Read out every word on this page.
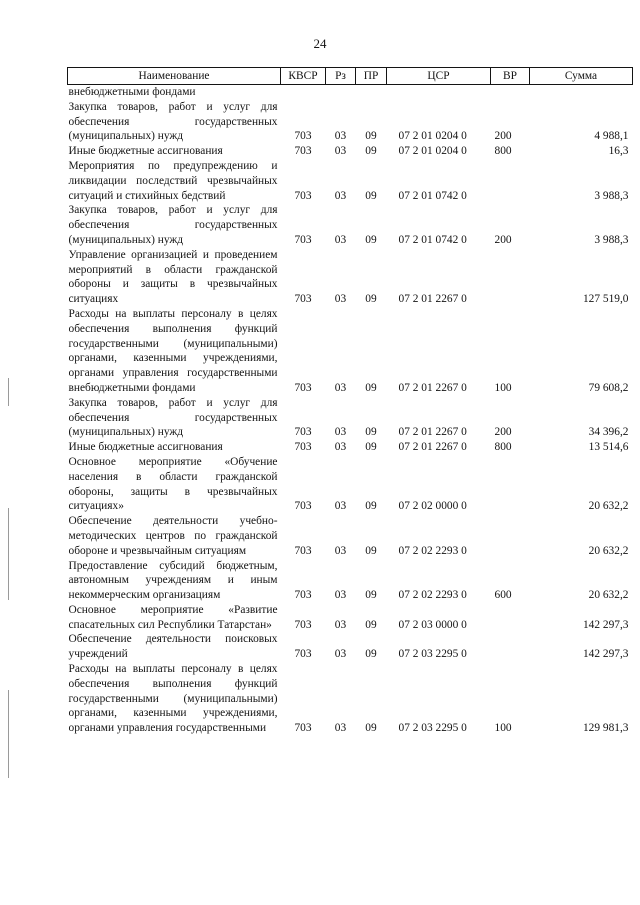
24
Наименование	КВСР	Рз	ПР	ЦСР	ВР	Сумма
внебюджетными фондами						
Закупка товаров, работ и услуг для обеспечения государственных (муниципальных) нужд	703	03	09	07 2 01 0204 0	200	4 988,1
Иные бюджетные ассигнования	703	03	09	07 2 01 0204 0	800	16,3
Мероприятия по предупреждению и ликвидации последствий чрезвычайных ситуаций и стихийных бедствий	703	03	09	07 2 01 0742 0		3 988,3
Закупка товаров, работ и услуг для обеспечения государственных (муниципальных) нужд	703	03	09	07 2 01 0742 0	200	3 988,3
Управление организацией и проведением мероприятий в области гражданской обороны и защиты в чрезвычайных ситуациях	703	03	09	07 2 01 2267 0		127 519,0
Расходы на выплаты персоналу в целях обеспечения выполнения функций государственными (муниципальными) органами, казенными учреждениями, органами управления государственными внебюджетными фондами	703	03	09	07 2 01 2267 0	100	79 608,2
Закупка товаров, работ и услуг для обеспечения государственных (муниципальных) нужд	703	03	09	07 2 01 2267 0	200	34 396,2
Иные бюджетные ассигнования	703	03	09	07 2 01 2267 0	800	13 514,6
Основное мероприятие «Обучение населения в области гражданской обороны, защиты в чрезвычайных ситуациях»	703	03	09	07 2 02 0000 0		20 632,2
Обеспечение деятельности учебно-методических центров по гражданской обороне и чрезвычайным ситуациям	703	03	09	07 2 02 2293 0		20 632,2
Предоставление субсидий бюджетным, автономным учреждениям и иным некоммерческим организациям	703	03	09	07 2 02 2293 0	600	20 632,2
Основное мероприятие «Развитие спасательных сил Республики Татарстан»	703	03	09	07 2 03 0000 0		142 297,3
Обеспечение деятельности поисковых учреждений	703	03	09	07 2 03 2295 0		142 297,3
Расходы на выплаты персоналу в целях обеспечения выполнения функций государственными (муниципальными) органами, казенными учреждениями, органами управления государственными	703	03	09	07 2 03 2295 0	100	129 981,3
